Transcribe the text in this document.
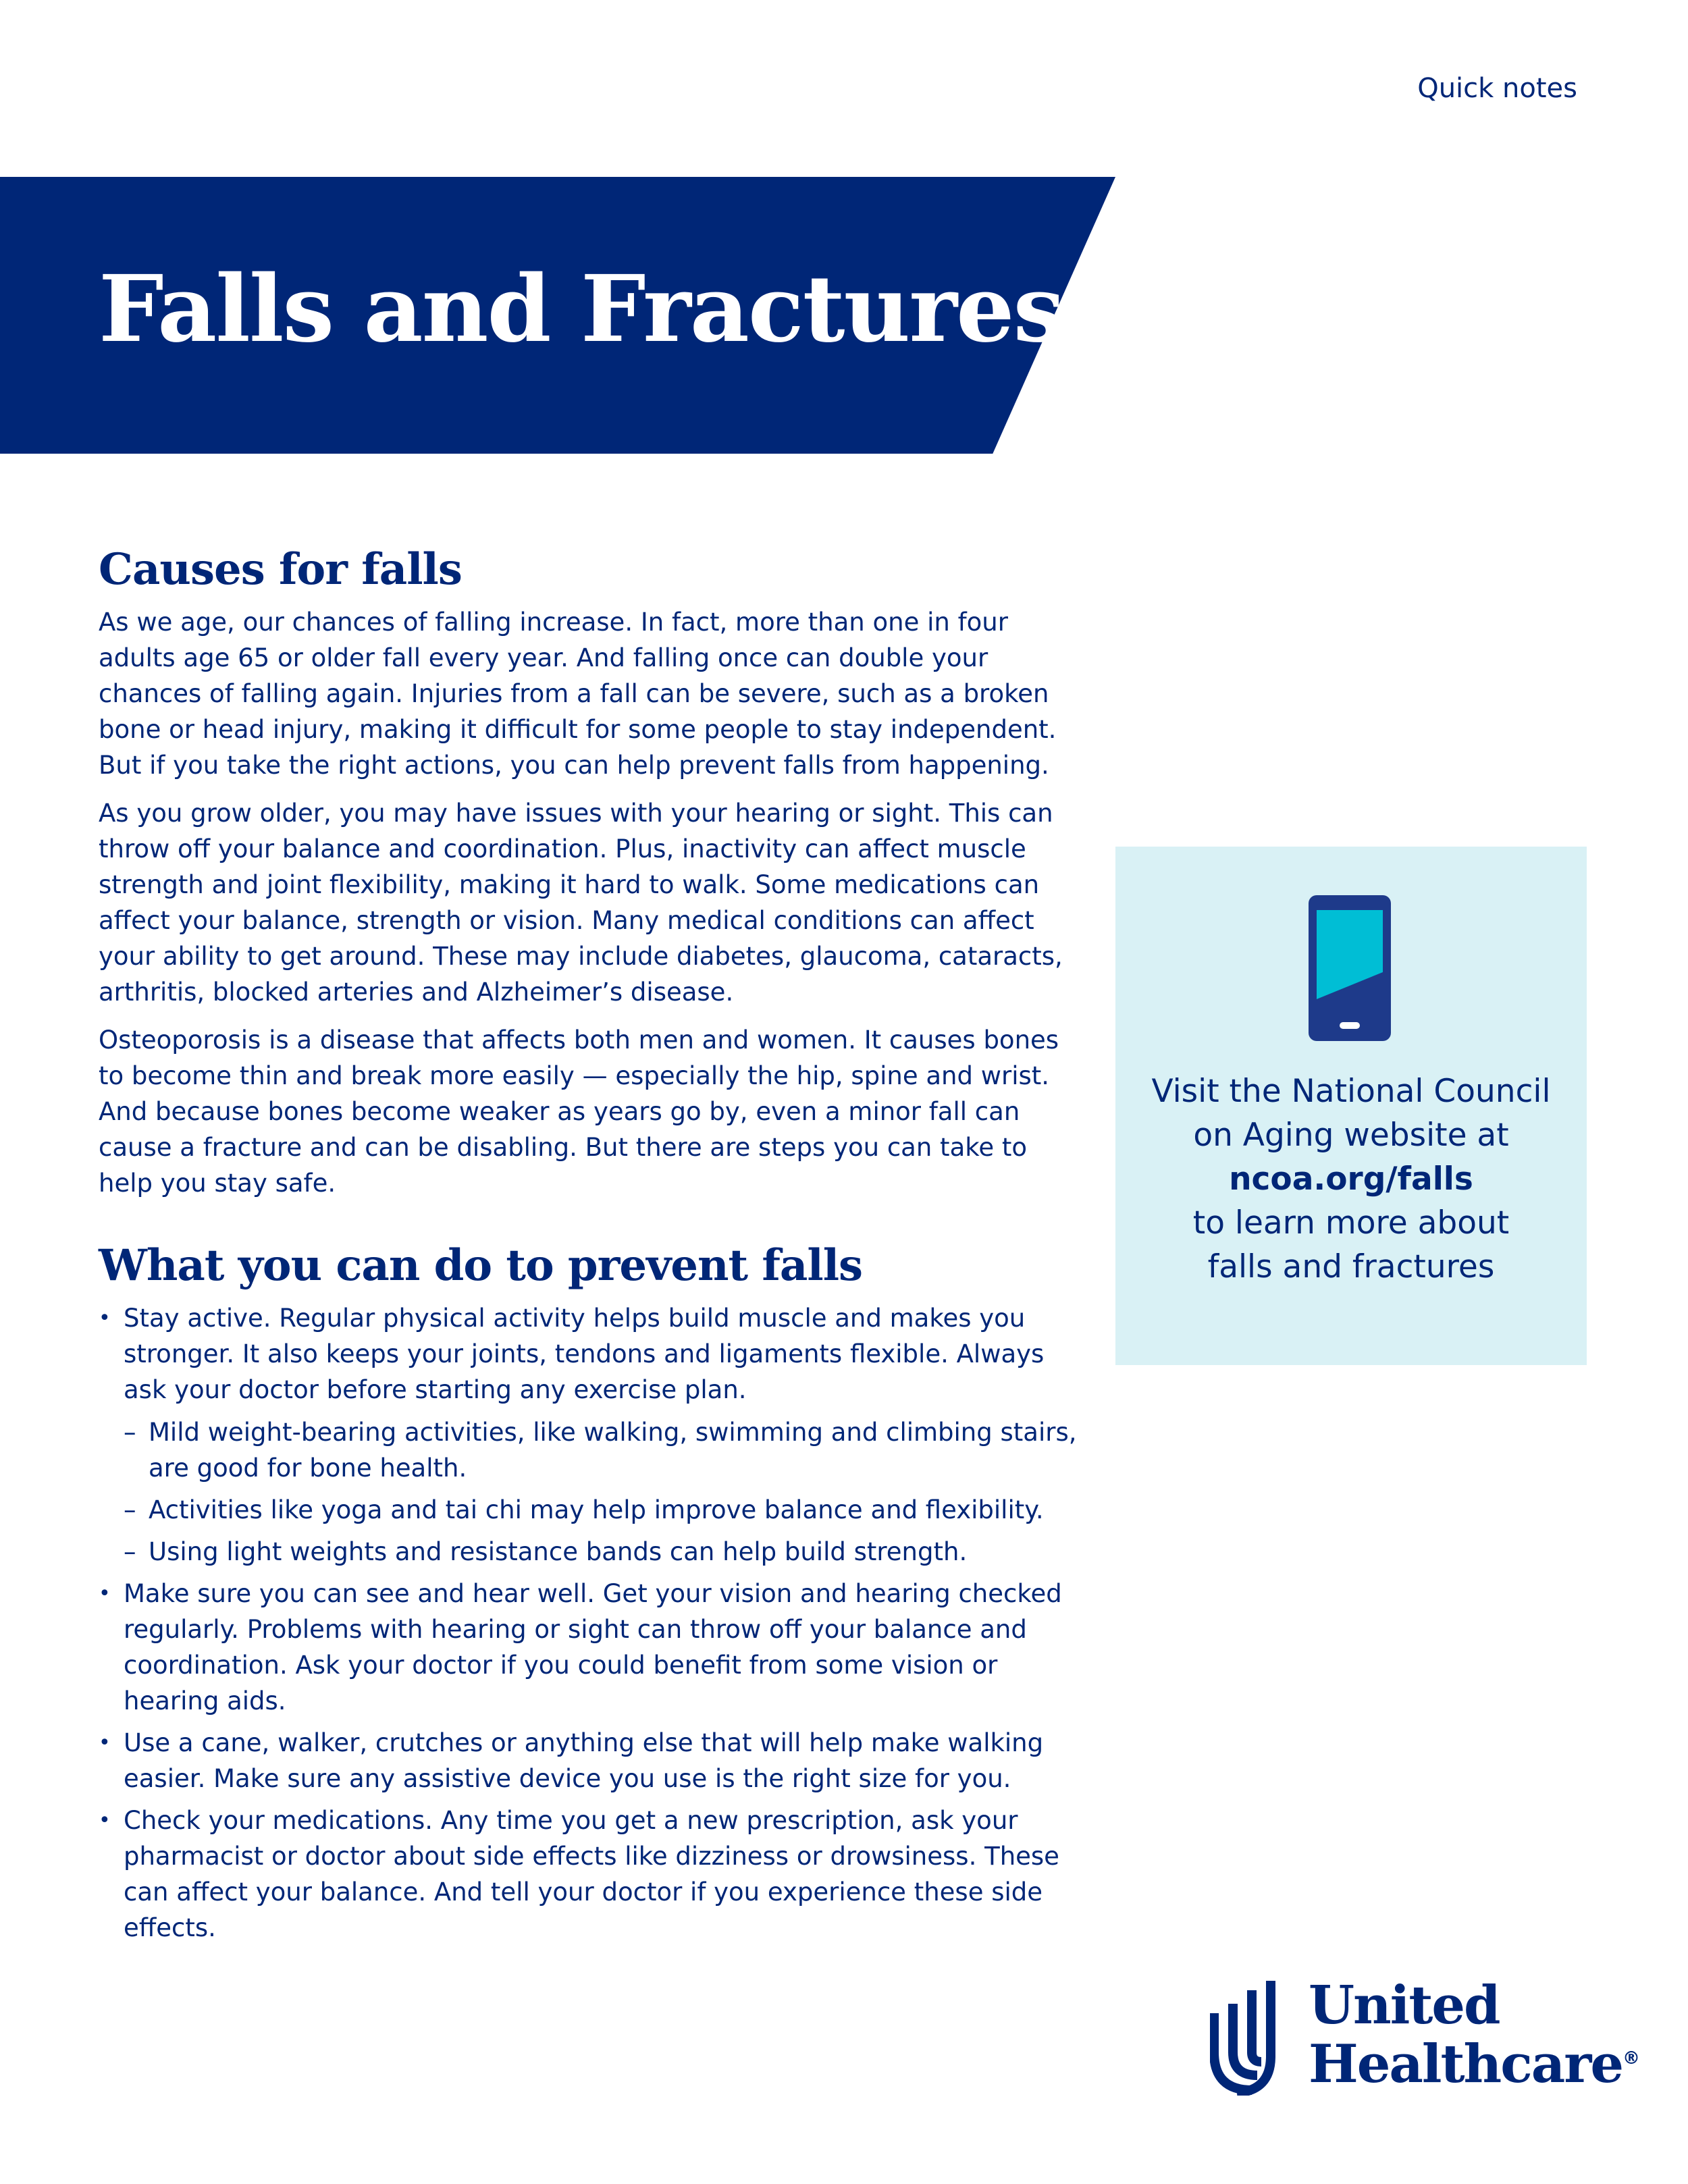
Quick notes
Falls and Fractures
Causes for falls

As we age, our chances of falling increase. In fact, more than one in four adults age 65 or older fall every year. And falling once can double your chances of falling again. Injuries from a fall can be severe, such as a broken bone or head injury, making it difficult for some people to stay independent. But if you take the right actions, you can help prevent falls from happening.

As you grow older, you may have issues with your hearing or sight. This can throw off your balance and coordination. Plus, inactivity can affect muscle strength and joint flexibility, making it hard to walk. Some medications can affect your balance, strength or vision. Many medical conditions can affect your ability to get around. These may include diabetes, glaucoma, cataracts, arthritis, blocked arteries and Alzheimer’s disease.

Osteoporosis is a disease that affects both men and women. It causes bones to become thin and break more easily — especially the hip, spine and wrist. And because bones become weaker as years go by, even a minor fall can cause a fracture and can be disabling. But there are steps you can take to help you stay safe.

What you can do to prevent falls
• Stay active. Regular physical activity helps build muscle and makes you stronger. It also keeps your joints, tendons and ligaments flexible. Always ask your doctor before starting any exercise plan.
– Mild weight-bearing activities, like walking, swimming and climbing stairs, are good for bone health.
– Activities like yoga and tai chi may help improve balance and flexibility.
– Using light weights and resistance bands can help build strength.
• Make sure you can see and hear well. Get your vision and hearing checked regularly. Problems with hearing or sight can throw off your balance and coordination. Ask your doctor if you could benefit from some vision or hearing aids.
• Use a cane, walker, crutches or anything else that will help make walking easier. Make sure any assistive device you use is the right size for you.
• Check your medications. Any time you get a new prescription, ask your pharmacist or doctor about side effects like dizziness or drowsiness. These can affect your balance. And tell your doctor if you experience these side effects.
Visit the National Council
on Aging website at
ncoa.org/falls
to learn more about
falls and fractures
United
Healthcare®
